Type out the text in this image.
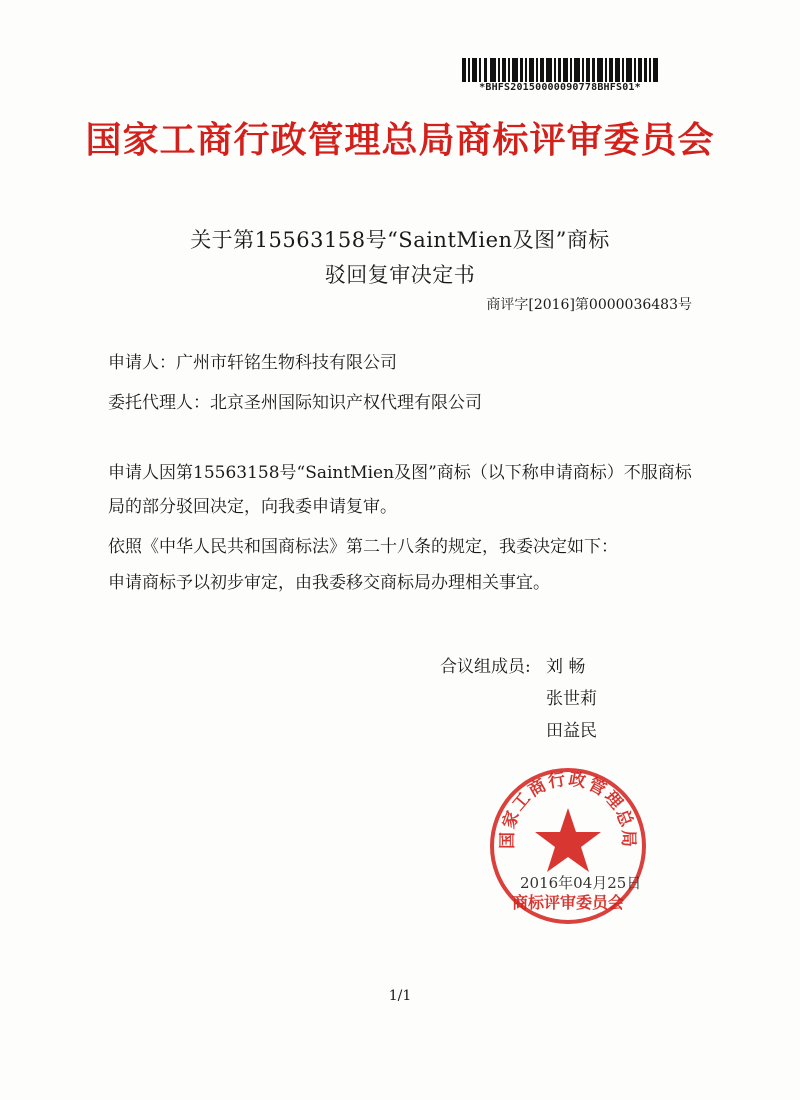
*BHFS20150000090778BHFS01*
国家工商行政管理总局商标评审委员会
关于第15563158号“SaintMien及图”商标
驳回复审决定书
商评字[2016]第0000036483号
申请人：广州市轩铭生物科技有限公司
委托代理人：北京圣州国际知识产权代理有限公司
申请人因第15563158号“SaintMien及图”商标（以下称申请商标）不服商标局的部分驳回决定，向我委申请复审。
依照《中华人民共和国商标法》第二十八条的规定，我委决定如下：
申请商标予以初步审定，由我委移交商标局办理相关事宜。
合议组成员: 刘 畅
张世莉
田益民
国家工商行政管理总局
商标评审委员会
2016年04月25日
1/1
